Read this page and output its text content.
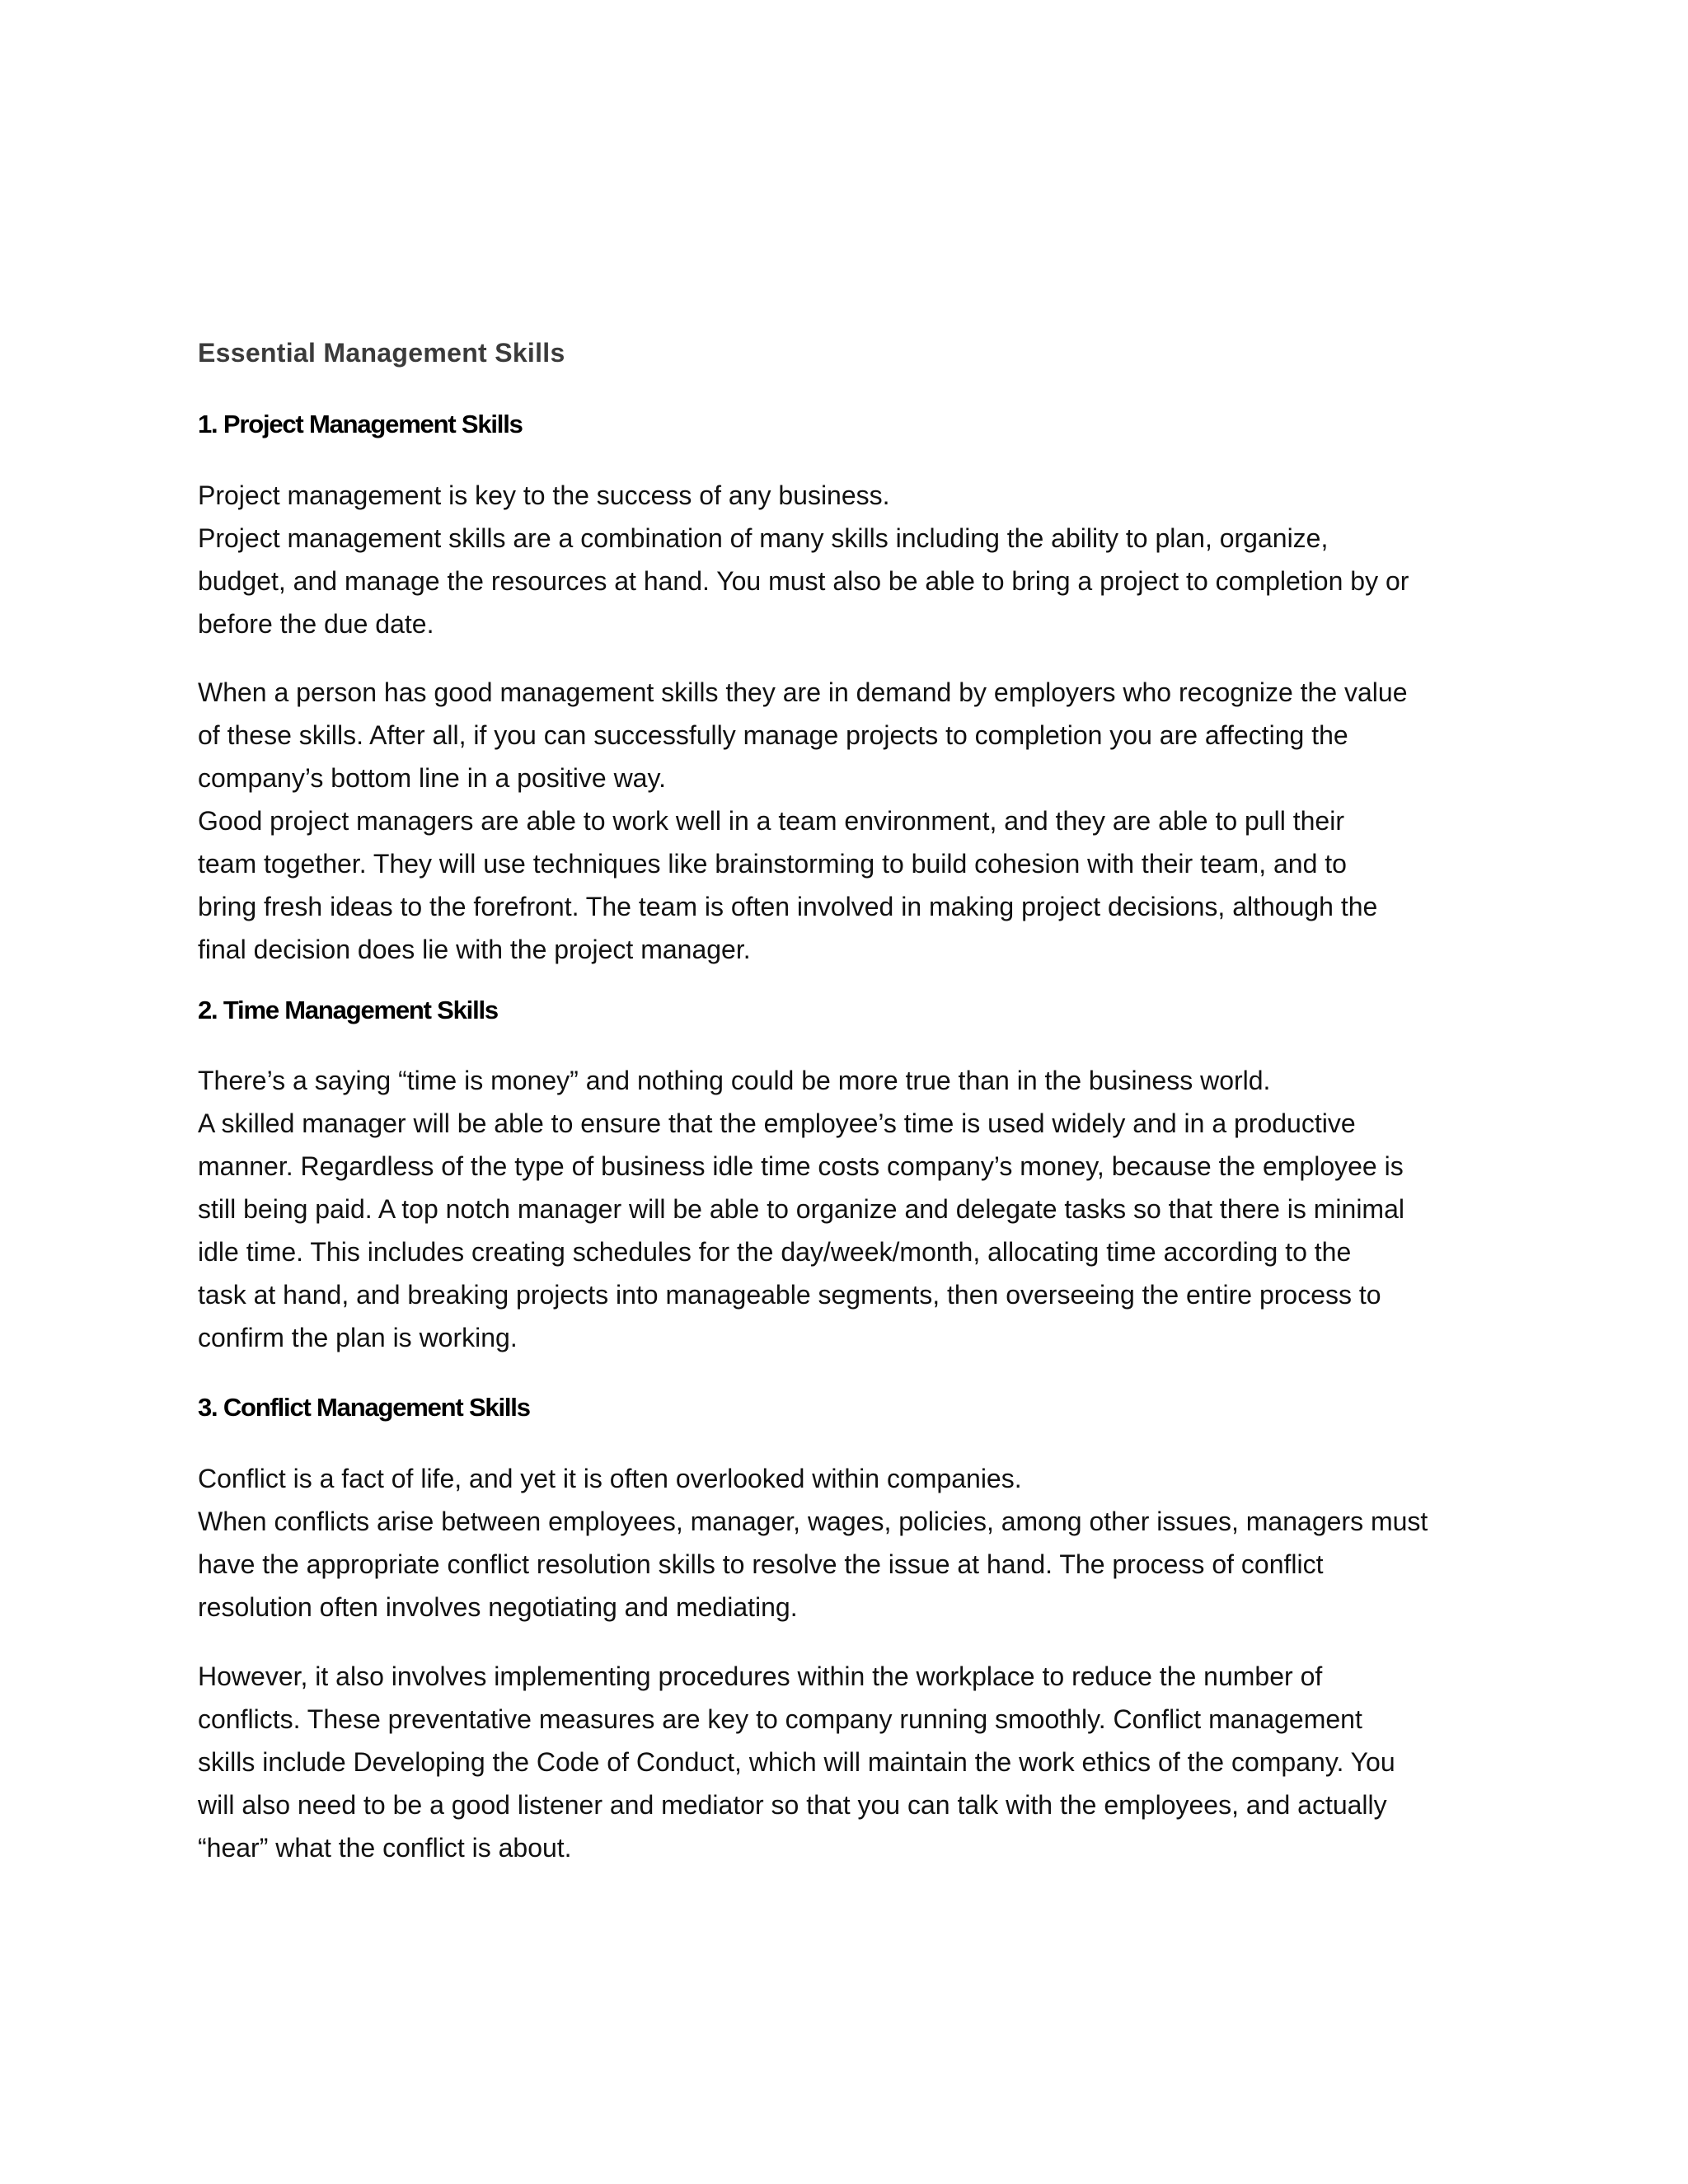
Essential Management Skills
1. Project Management Skills

Project management is key to the success of any business.
Project management skills are a combination of many skills including the ability to plan, organize,
budget, and manage the resources at hand. You must also be able to bring a project to completion by or
before the due date.

When a person has good management skills they are in demand by employers who recognize the value
of these skills. After all, if you can successfully manage projects to completion you are affecting the
company’s bottom line in a positive way.
Good project managers are able to work well in a team environment, and they are able to pull their
team together. They will use techniques like brainstorming to build cohesion with their team, and to
bring fresh ideas to the forefront. The team is often involved in making project decisions, although the
final decision does lie with the project manager.

2. Time Management Skills

There’s a saying “time is money” and nothing could be more true than in the business world.
A skilled manager will be able to ensure that the employee’s time is used widely and in a productive
manner. Regardless of the type of business idle time costs company’s money, because the employee is
still being paid. A top notch manager will be able to organize and delegate tasks so that there is minimal
idle time. This includes creating schedules for the day/week/month, allocating time according to the
task at hand, and breaking projects into manageable segments, then overseeing the entire process to
confirm the plan is working.

3. Conflict Management Skills

Conflict is a fact of life, and yet it is often overlooked within companies.
When conflicts arise between employees, manager, wages, policies, among other issues, managers must
have the appropriate conflict resolution skills to resolve the issue at hand. The process of conflict
resolution often involves negotiating and mediating.

However, it also involves implementing procedures within the workplace to reduce the number of
conflicts. These preventative measures are key to company running smoothly. Conflict management
skills include Developing the Code of Conduct, which will maintain the work ethics of the company. You
will also need to be a good listener and mediator so that you can talk with the employees, and actually
“hear” what the conflict is about.
